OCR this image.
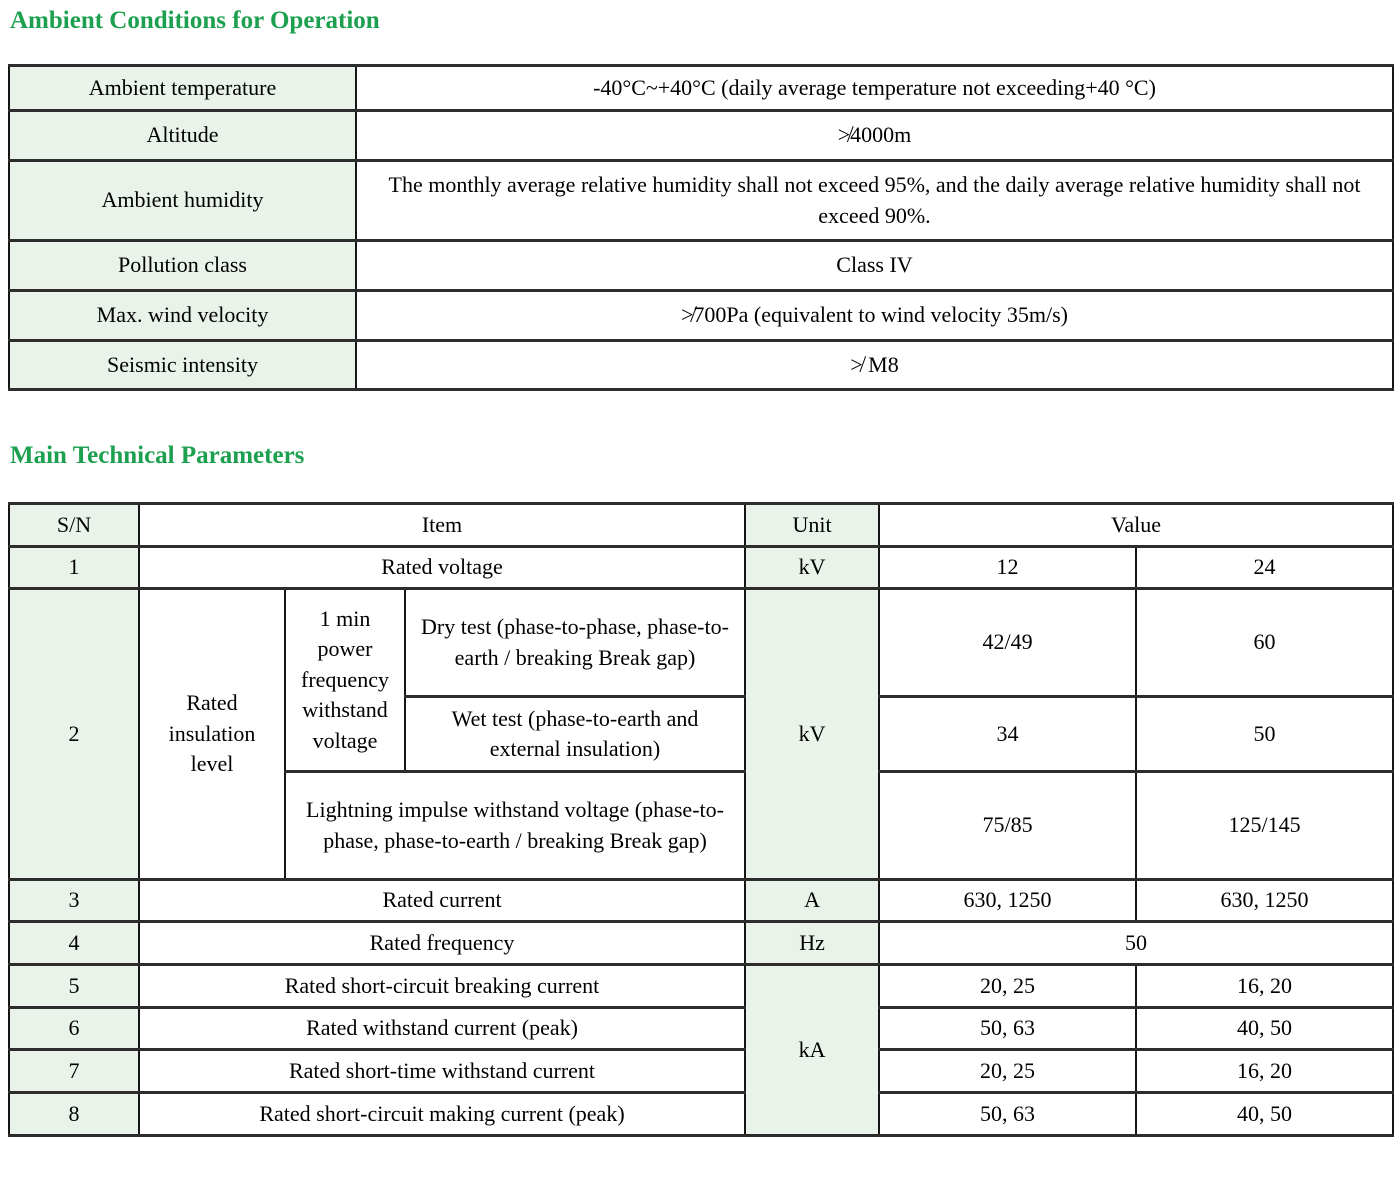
Ambient Conditions for Operation
Ambient temperature	-40°C~+40°C (daily average temperature not exceeding+40 °C)
Altitude	≯4000m
Ambient humidity	The monthly average relative humidity shall not exceed 95%, and the daily average relative humidity shall not exceed 90%.
Pollution class	Class IV
Max. wind velocity	≯700Pa (equivalent to wind velocity 35m/s)
Seismic intensity	≯ M8
Main Technical Parameters
S/N	Item			Unit	Value	
1	Rated voltage			kV	12	24
2	Rated insulation level	1 min power frequency withstand voltage	Dry test (phase-to-phase, phase-to-earth / breaking Break gap)	kV	42/49	60
			Wet test (phase-to-earth and external insulation)		34	50
		Lightning impulse withstand voltage (phase-to-phase, phase-to-earth / breaking Break gap)			75/85	125/145
3	Rated current			A	630, 1250	630, 1250
4	Rated frequency			Hz	50	
5	Rated short-circuit breaking current			kA	20, 25	16, 20
6	Rated withstand current (peak)				50, 63	40, 50
7	Rated short-time withstand current				20, 25	16, 20
8	Rated short-circuit making current (peak)				50, 63	40, 50
